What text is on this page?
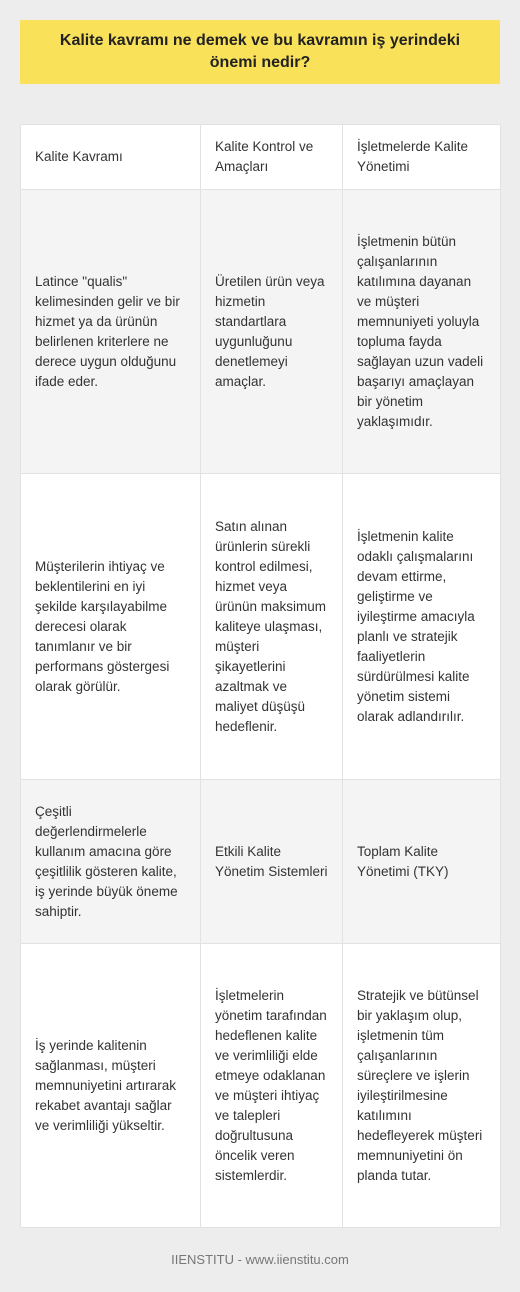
Kalite kavramı ne demek ve bu kavramın iş yerindeki önemi nedir?
Kalite Kavramı	Kalite Kontrol ve Amaçları	İşletmelerde Kalite Yönetimi
Latince "qualis" kelimesinden gelir ve bir hizmet ya da ürünün belirlenen kriterlere ne derece uygun olduğunu ifade eder.	Üretilen ürün veya hizmetin standartlara uygunluğunu denetlemeyi amaçlar.	İşletmenin bütün çalışanlarının katılımına dayanan ve müşteri memnuniyeti yoluyla topluma fayda sağlayan uzun vadeli başarıyı amaçlayan bir yönetim yaklaşımıdır.
Müşterilerin ihtiyaç ve beklentilerini en iyi şekilde karşılayabilme derecesi olarak tanımlanır ve bir performans göstergesi olarak görülür.	Satın alınan ürünlerin sürekli kontrol edilmesi, hizmet veya ürünün maksimum kaliteye ulaşması, müşteri şikayetlerini azaltmak ve maliyet düşüşü hedeflenir.	İşletmenin kalite odaklı çalışmalarını devam ettirme, geliştirme ve iyileştirme amacıyla planlı ve stratejik faaliyetlerin sürdürülmesi kalite yönetim sistemi olarak adlandırılır.
Çeşitli değerlendirmelerle kullanım amacına göre çeşitlilik gösteren kalite, iş yerinde büyük öneme sahiptir.	Etkili Kalite Yönetim Sistemleri	Toplam Kalite Yönetimi (TKY)
İş yerinde kalitenin sağlanması, müşteri memnuniyetini artırarak rekabet avantajı sağlar ve verimliliği yükseltir.	İşletmelerin yönetim tarafından hedeflenen kalite ve verimliliği elde etmeye odaklanan ve müşteri ihtiyaç ve talepleri doğrultusuna öncelik veren sistemlerdir.	Stratejik ve bütünsel bir yaklaşım olup, işletmenin tüm çalışanlarının süreçlere ve işlerin iyileştirilmesine katılımını hedefleyerek müşteri memnuniyetini ön planda tutar.
IIENSTITU - www.iienstitu.com
